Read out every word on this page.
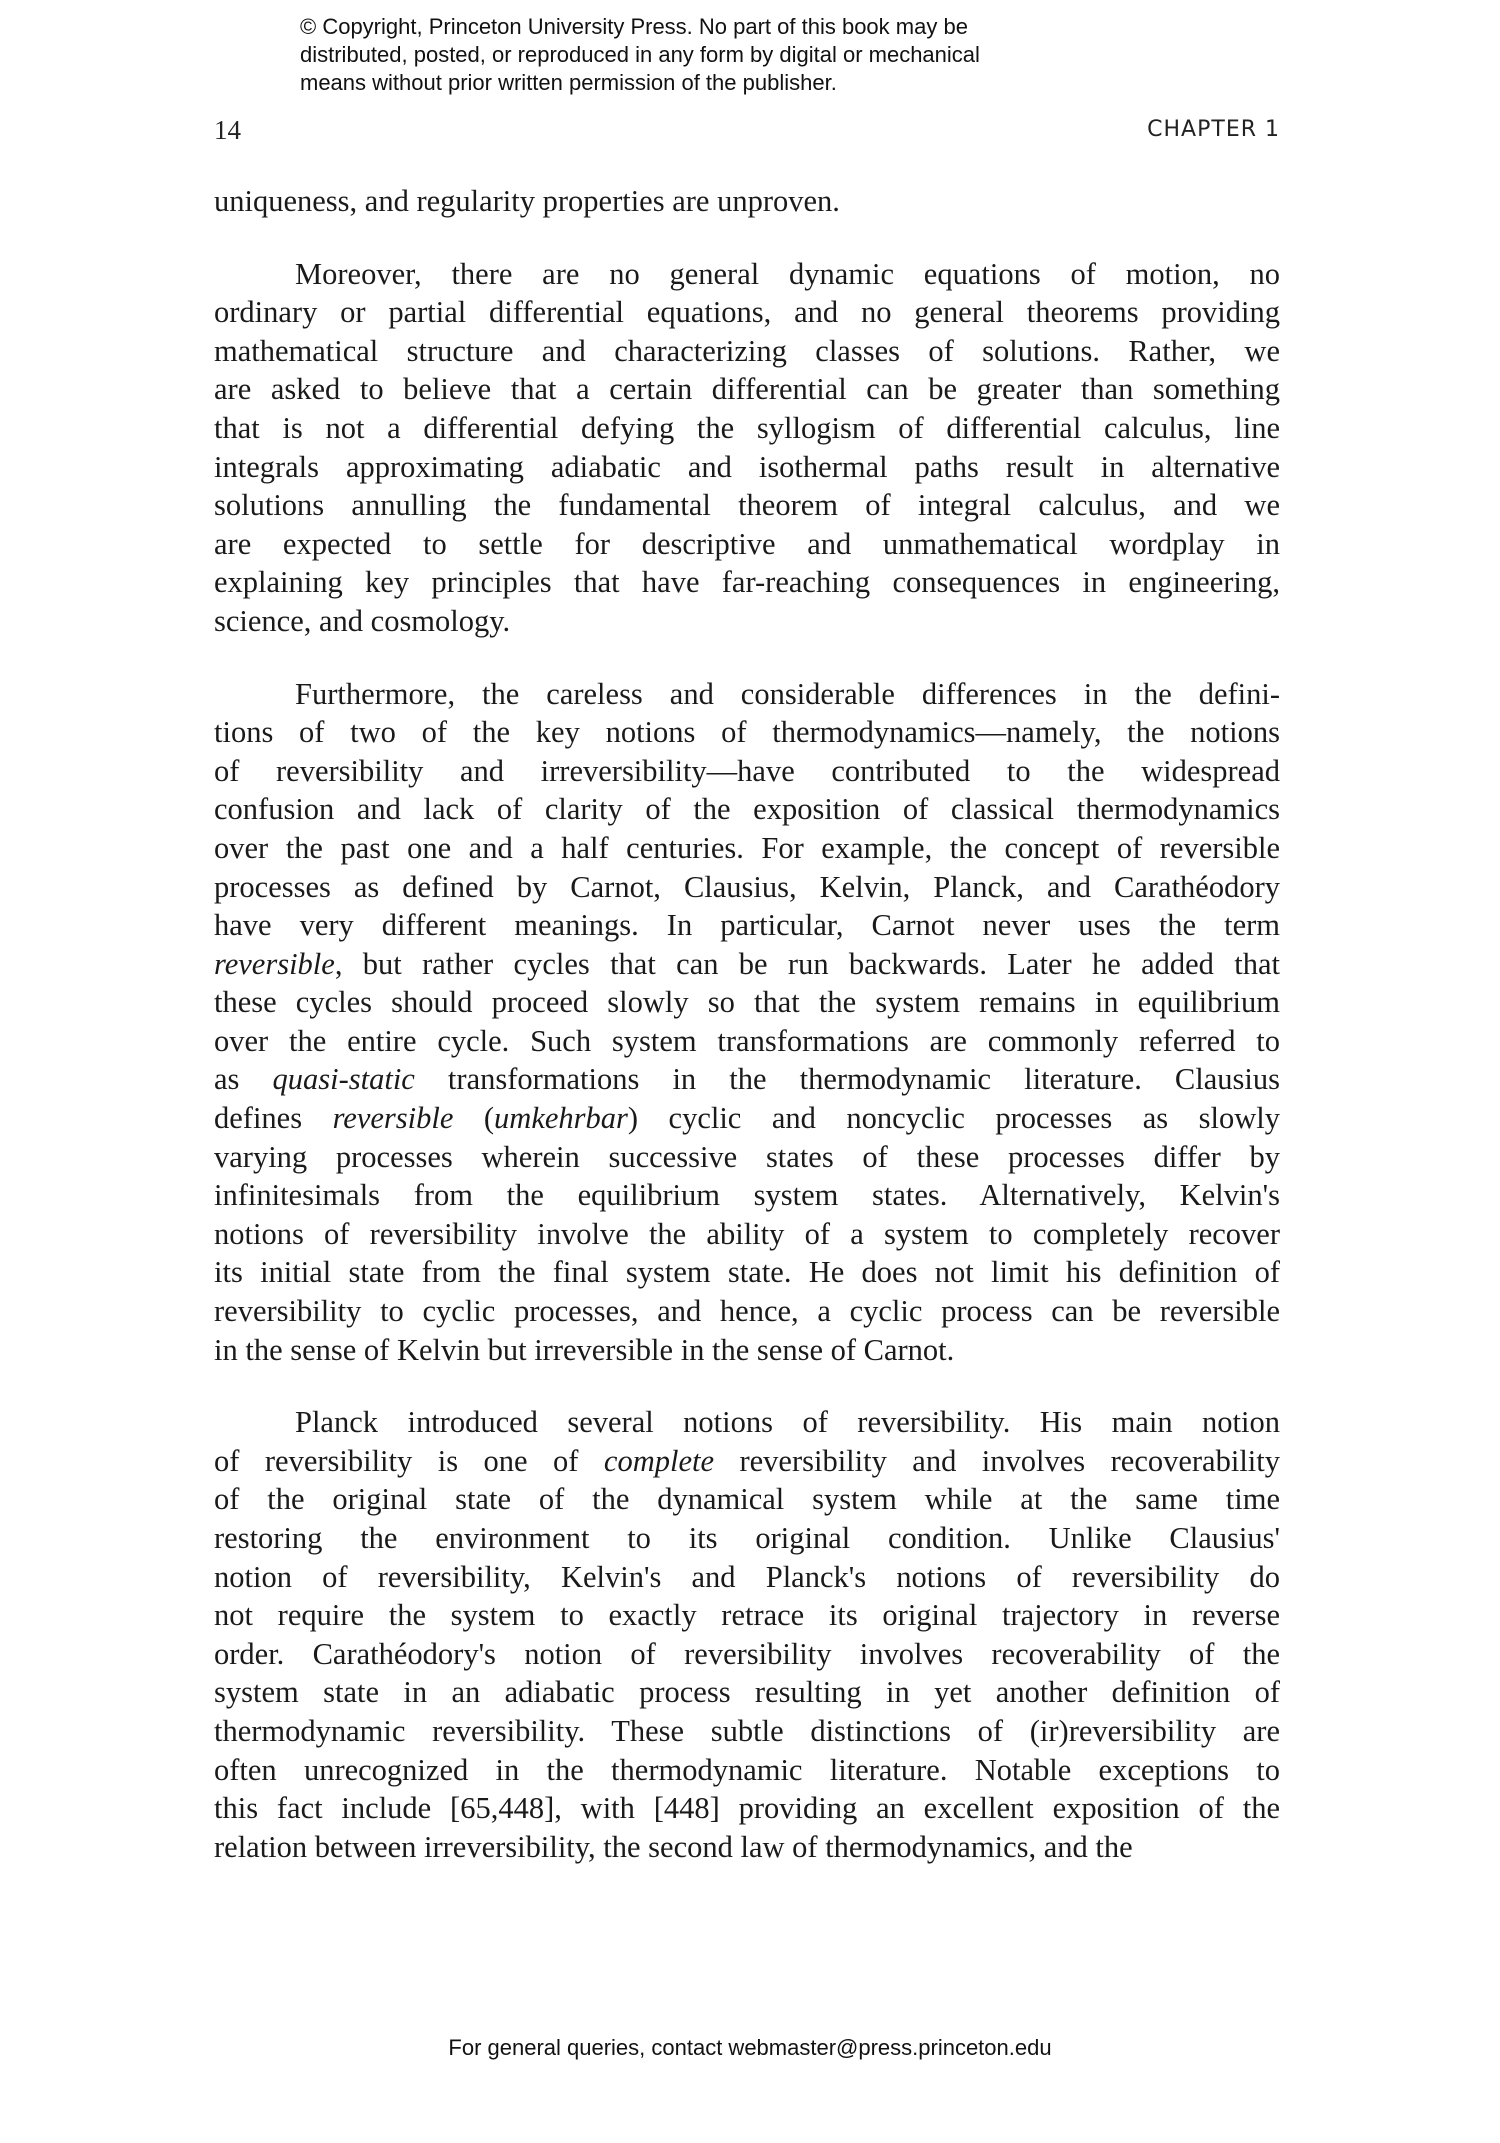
© Copyright, Princeton University Press. No part of this book may be
distributed, posted, or reproduced in any form by digital or mechanical
means without prior written permission of the publisher.
14	CHAPTER 1
uniqueness, and regularity properties are unproven.
Moreover, there are no general dynamic equations of motion, no
ordinary or partial differential equations, and no general theorems providing
mathematical structure and characterizing classes of solutions. Rather, we
are asked to believe that a certain differential can be greater than something
that is not a differential defying the syllogism of differential calculus, line
integrals approximating adiabatic and isothermal paths result in alternative
solutions annulling the fundamental theorem of integral calculus, and we
are expected to settle for descriptive and unmathematical wordplay in
explaining key principles that have far-reaching consequences in engineering,
science, and cosmology.
Furthermore, the careless and considerable differences in the defini-
tions of two of the key notions of thermodynamics—namely, the notions
of reversibility and irreversibility—have contributed to the widespread
confusion and lack of clarity of the exposition of classical thermodynamics
over the past one and a half centuries. For example, the concept of reversible
processes as defined by Carnot, Clausius, Kelvin, Planck, and Carathéodory
have very different meanings. In particular, Carnot never uses the term
reversible, but rather cycles that can be run backwards. Later he added that
these cycles should proceed slowly so that the system remains in equilibrium
over the entire cycle. Such system transformations are commonly referred to
as quasi-static transformations in the thermodynamic literature. Clausius
defines reversible (umkehrbar) cyclic and noncyclic processes as slowly
varying processes wherein successive states of these processes differ by
infinitesimals from the equilibrium system states. Alternatively, Kelvin's
notions of reversibility involve the ability of a system to completely recover
its initial state from the final system state. He does not limit his definition of
reversibility to cyclic processes, and hence, a cyclic process can be reversible
in the sense of Kelvin but irreversible in the sense of Carnot.
Planck introduced several notions of reversibility. His main notion
of reversibility is one of complete reversibility and involves recoverability
of the original state of the dynamical system while at the same time
restoring the environment to its original condition. Unlike Clausius'
notion of reversibility, Kelvin's and Planck's notions of reversibility do
not require the system to exactly retrace its original trajectory in reverse
order. Carathéodory's notion of reversibility involves recoverability of the
system state in an adiabatic process resulting in yet another definition of
thermodynamic reversibility. These subtle distinctions of (ir)reversibility are
often unrecognized in the thermodynamic literature. Notable exceptions to
this fact include [65,448], with [448] providing an excellent exposition of the
relation between irreversibility, the second law of thermodynamics, and the
For general queries, contact webmaster@press.princeton.edu
